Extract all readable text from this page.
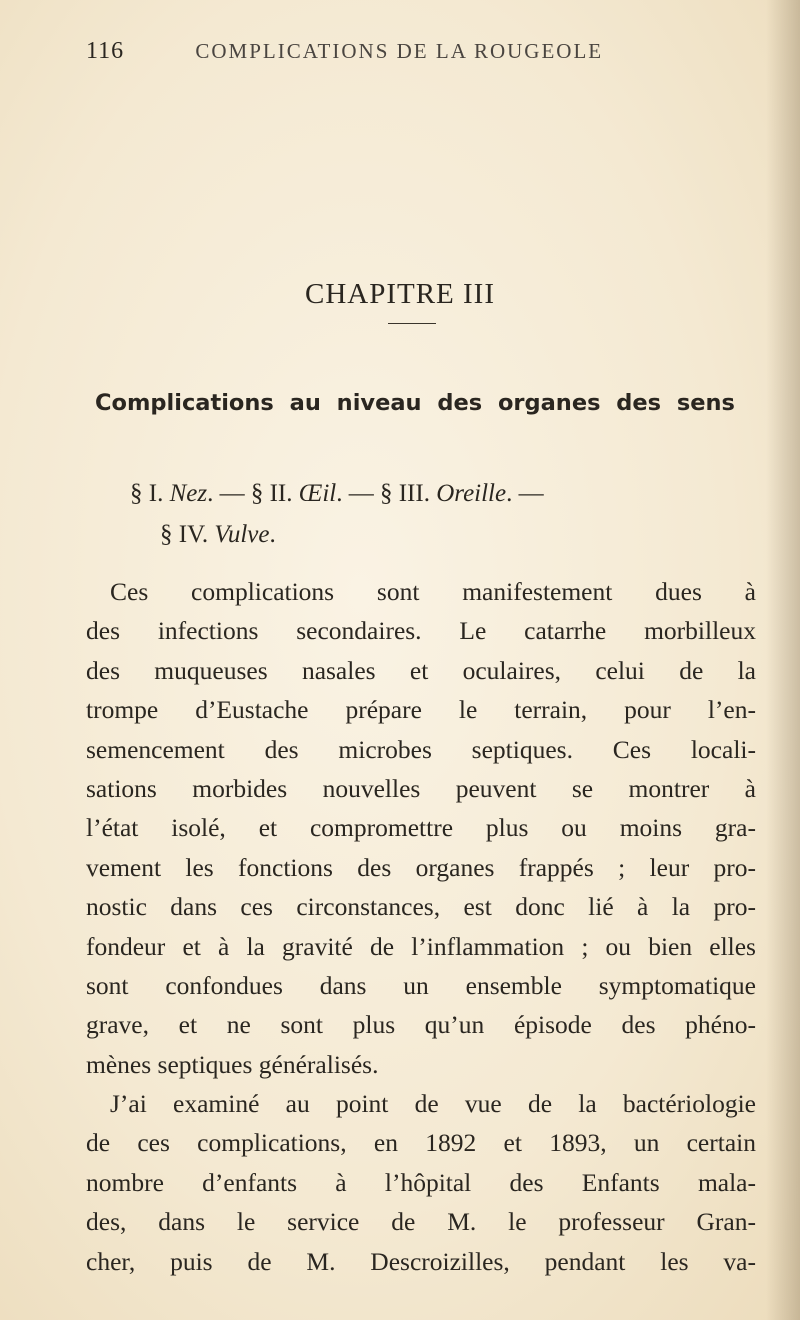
116	COMPLICATIONS DE LA ROUGEOLE
CHAPITRE III
Complications au niveau des organes des sens
§ I. Nez. — § II. Œil. — § III. Oreille. —
§ IV. Vulve.
Ces complications sont manifestement dues à
des infections secondaires. Le catarrhe morbilleux
des muqueuses nasales et oculaires, celui de la
trompe d’Eustache prépare le terrain, pour l’en-
semencement des microbes septiques. Ces locali-
sations morbides nouvelles peuvent se montrer à
l’état isolé, et compromettre plus ou moins gra-
vement les fonctions des organes frappés ; leur pro-
nostic dans ces circonstances, est donc lié à la pro-
fondeur et à la gravité de l’inflammation ; ou bien elles
sont confondues dans un ensemble symptomatique
grave, et ne sont plus qu’un épisode des phéno-
mènes septiques généralisés.
J’ai examiné au point de vue de la bactériologie
de ces complications, en 1892 et 1893, un certain
nombre d’enfants à l’hôpital des Enfants mala-
des, dans le service de M. le professeur Gran-
cher, puis de M. Descroizilles, pendant les va-
